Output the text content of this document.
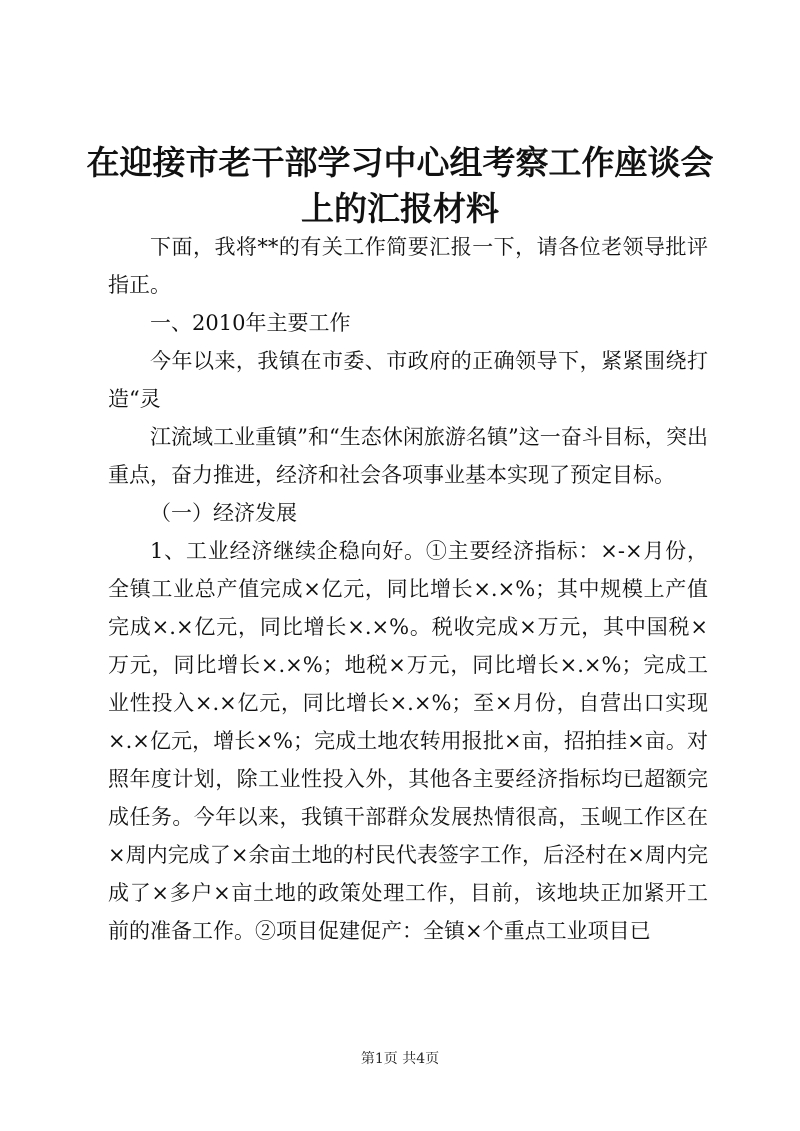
在迎接市老干部学习中心组考察工作座谈会上的汇报材料

下面，我将**的有关工作简要汇报一下，请各位老领导批评指正。

一、2010年主要工作

今年以来，我镇在市委、市政府的正确领导下，紧紧围绕打造“灵

江流域工业重镇”和“生态休闲旅游名镇”这一奋斗目标，突出重点，奋力推进，经济和社会各项事业基本实现了预定目标。

（一）经济发展

1、工业经济继续企稳向好。①主要经济指标：×-×月份，全镇工业总产值完成×亿元，同比增长×.×%；其中规模上产值完成×.×亿元，同比增长×.×%。税收完成×万元，其中国税×万元，同比增长×.×%；地税×万元，同比增长×.×%；完成工业性投入×.×亿元，同比增长×.×%；至×月份，自营出口实现×.×亿元，增长×%；完成土地农转用报批×亩，招拍挂×亩。对照年度计划，除工业性投入外，其他各主要经济指标均已超额完成任务。今年以来，我镇干部群众发展热情很高，玉岘工作区在×周内完成了×余亩土地的村民代表签字工作，后泾村在×周内完成了×多户×亩土地的政策处理工作，目前，该地块正加紧开工前的准备工作。②项目促建促产：全镇×个重点工业项目已

第1页 共4页
